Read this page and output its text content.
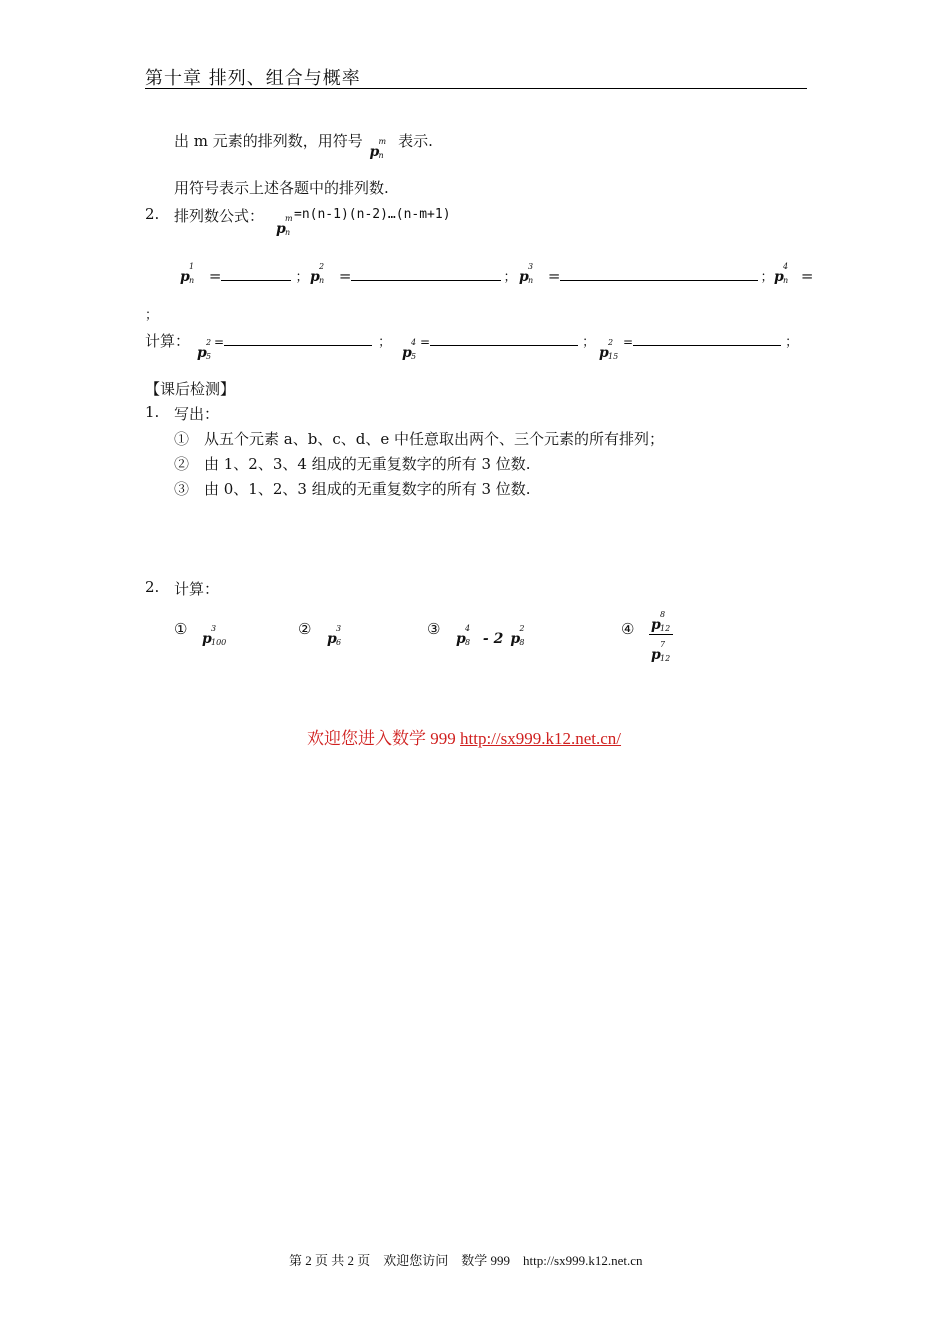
第十章 排列、组合与概率
出 m 元素的排列数，用符号 p
m
n
表示.
用符号表示上述各题中的排列数.
2. 排列数公式：
p
m
n
=n(n-1)(n-2)…(n-m+1)
p
1
n =	； p
2
n =	； p
3
n =	； p
4
n =
；
计算：
p
2
5
=	；
p
4
5
=	；
p
2
15
=	；
【课后检测】
1. 写出：
①　从五个元素 a、b、c、d、e 中任意取出两个、三个元素的所有排列；
②　由 1、2、3、4 组成的无重复数字的所有 3 位数.
③　由 0、1、2、3 组成的无重复数字的所有 3 位数.
2. 计算：
①
p
3
100
②
p
3
6
③
p
4
8 - 2 p
2
8
④ p
8
12
p
7
12
欢迎您进入数学 999 http://sx999.k12.net.cn/
第 2 页 共 2 页　欢迎您访问　数学 999　http://sx999.k12.net.cn
